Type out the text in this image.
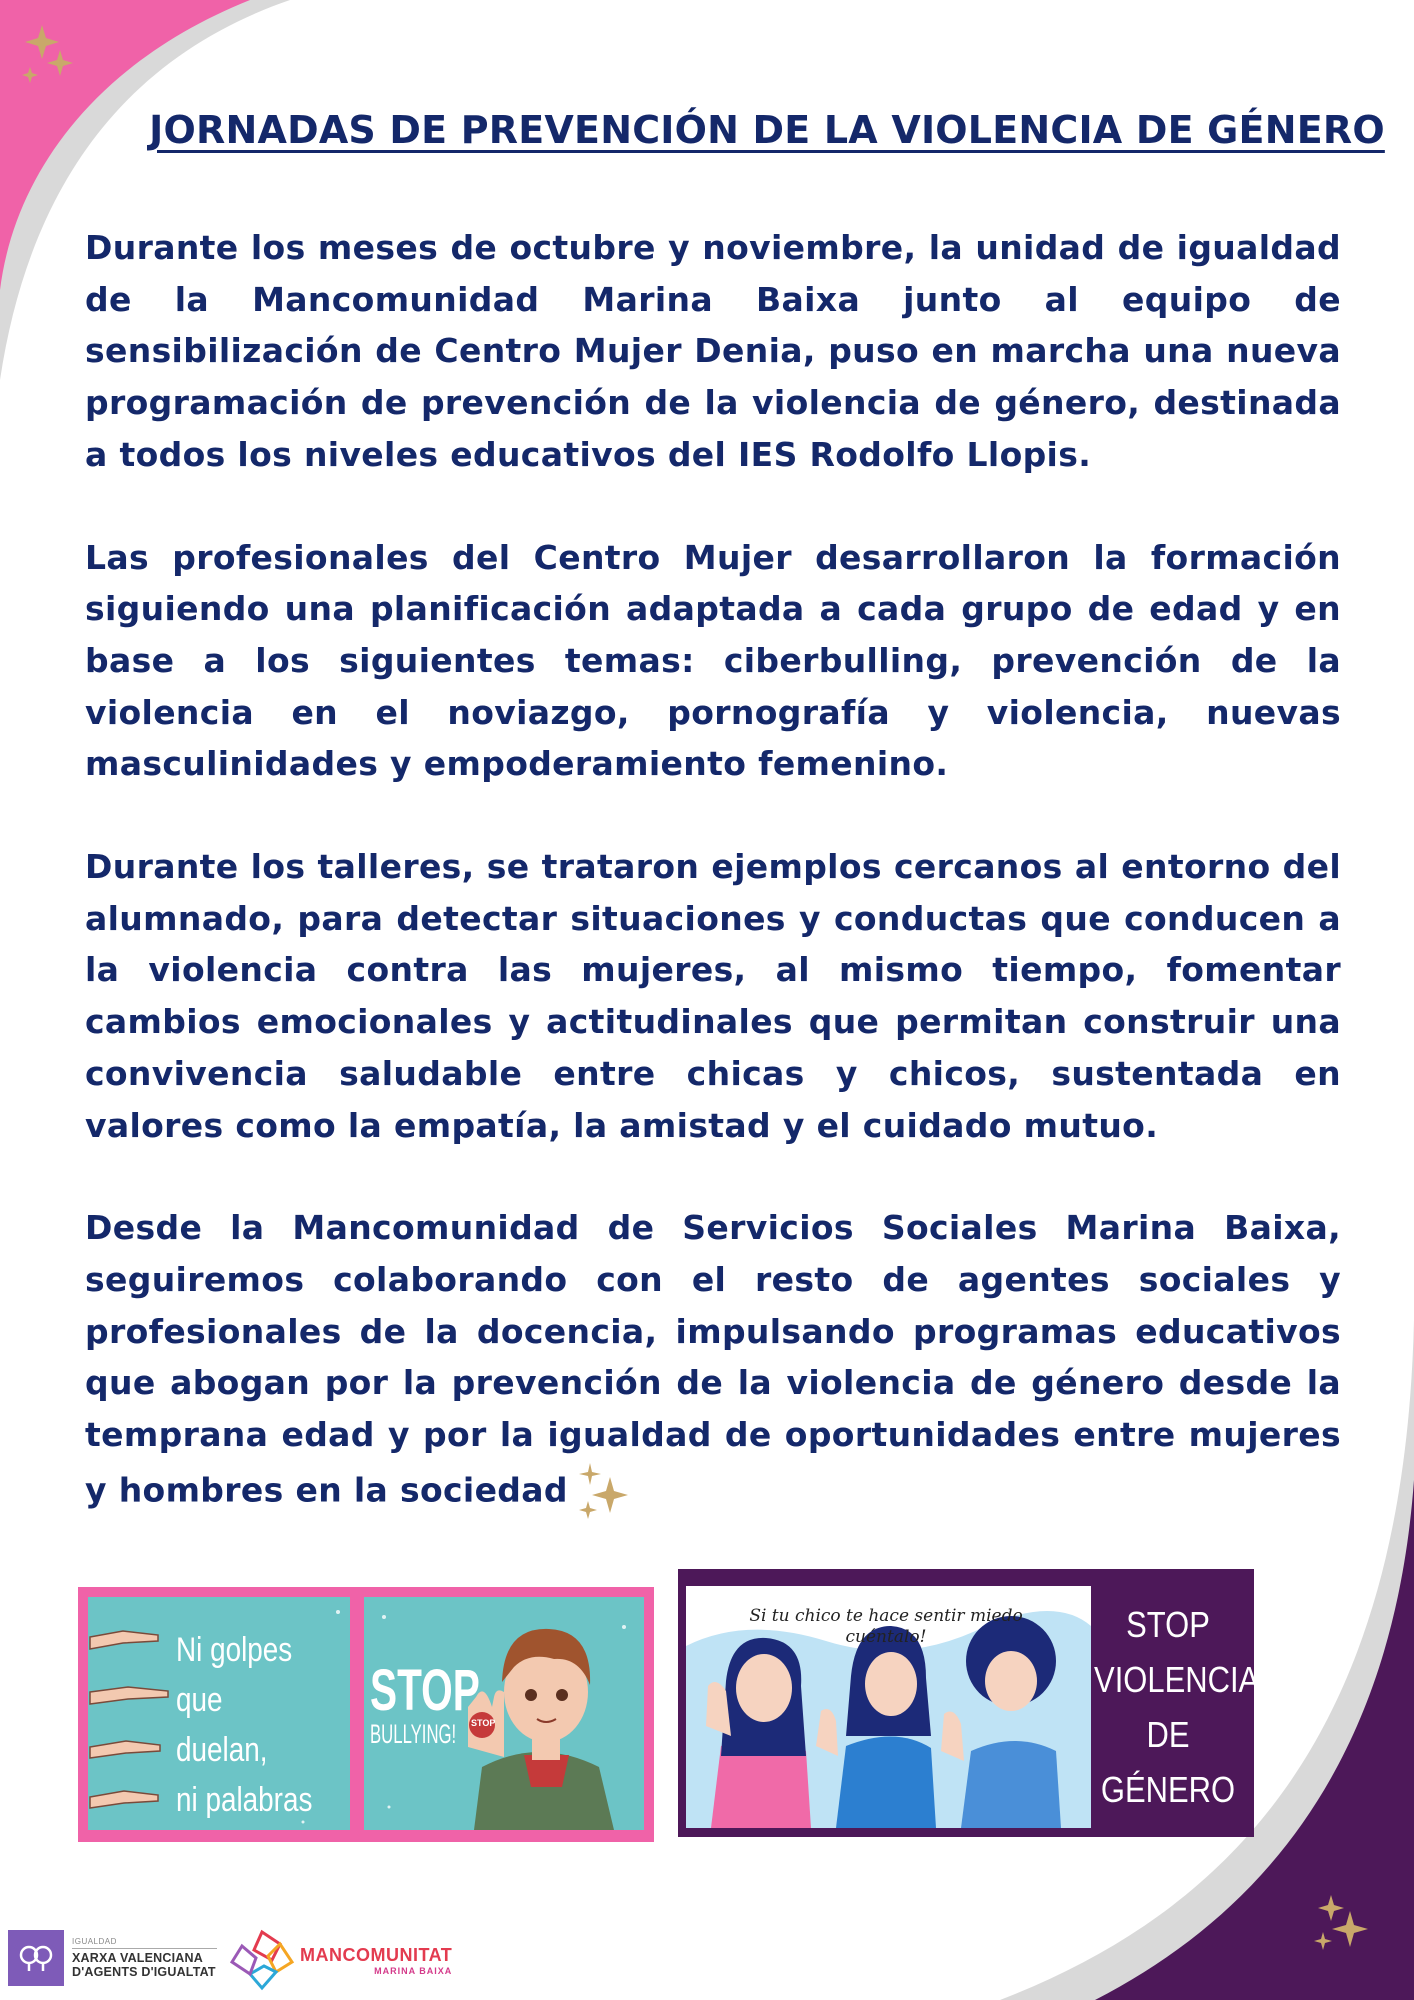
JORNADAS DE PREVENCIÓN DE LA VIOLENCIA DE GÉNERO

Durante los meses de octubre y noviembre, la unidad de igualdad de la Mancomunidad Marina Baixa junto al equipo de sensibilización de Centro Mujer Denia, puso en marcha una nueva programación de prevención de la violencia de género, destinada a todos los niveles educativos del IES Rodolfo Llopis.

Las profesionales del Centro Mujer desarrollaron la formación siguiendo una planificación adaptada a cada grupo de edad y en base a los siguientes temas: ciberbulling, prevención de la violencia en el noviazgo, pornografía y violencia, nuevas masculinidades y empoderamiento femenino.

Durante los talleres, se trataron ejemplos cercanos al entorno del alumnado, para detectar situaciones y conductas que conducen a la violencia contra las mujeres, al mismo tiempo, fomentar cambios emocionales y actitudinales que permitan construir una convivencia saludable entre chicas y chicos, sustentada en valores como la empatía, la amistad y el cuidado mutuo.

Desde la Mancomunidad de Servicios Sociales Marina Baixa, seguiremos colaborando con el resto de agentes sociales y profesionales de la docencia, impulsando programas educativos que abogan por la prevención de la violencia de género desde la temprana edad y por la igualdad de oportunidades entre mujeres y hombres en la sociedad

Ni golpes
que duelan,
ni palabras
que hieran.
STOP
BULLYING! STOP
Si tu chico te hace sentir miedo
cuéntalo!	STOP
VIOLENCIA
DE
GÉNERO
IGUALDAD
XARXA VALENCIANA
D'AGENTS D'IGUALTAT
MANCOMUNITAT
MARINA BAIXA
